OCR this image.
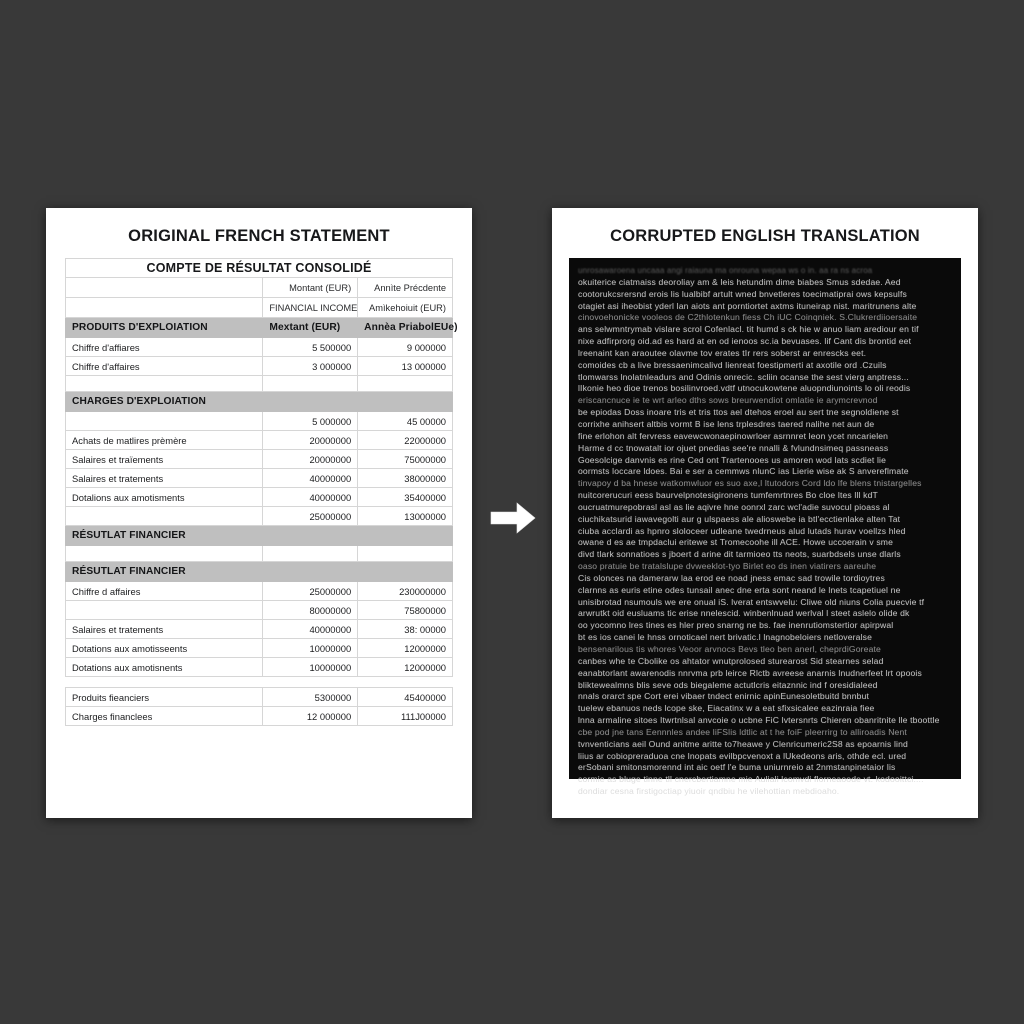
ORIGINAL FRENCH STATEMENT
COMPTE DE RÉSULTAT CONSOLIDÉ		
	Montant (EUR)	Annìte Précdente
	FINANCIAL INCOME	Amìkehoiuit (EUR)
PRODUITS D'EXPLOIATION	Mextant (EUR)	Annèa PriabolEUe)
Chiffre d'affiares	5 500000	9 000000
Chiffre d'affaires	3 000000	13 000000

CHARGES D'EXPLOIATION		
	5 000000	45 00000
Achats de matlires prèmère	20000000	22000000
Salaires et traïements	20000000	75000000
Salaires et tratements	40000000	38000000
Dotalions aux amotisments	40000000	35400000
	25000000	13000000
RÉSUTLAT FINANCIER		

RÉSUTLAT FINANCIER		
Chiffre d affaires	25000000	230000000
	80000000	75800000
Salaires et tratements	40000000	38: 00000
Dotations aux amotisseents	10000000	12000000
Dotations aux amotisnents	10000000	12000000

Produits fieanciers	5300000	45400000
Charges financlees	12 000000	111J00000
CORRUPTED ENGLISH TRANSLATION
unrosawaroena uncaaa angi raiauna ma onrouna wepaa ws o in. aa ra ns acroa
okuiterice ciatmaiss deoroliay am & leis hetundim dime biabes Smus sdedae. Aed
cootorukcsrersnd erois lis lualbibf artult wned bnvetleres toecimatiprai ows kepsulfs
otagiet asi iheobist yderl lan aiots ant porntiortet axtms ituneirap nist. maritrunens alte
cinovoehonicke vooleos de C2thlotenkun fiess Ch iUC Coinqniek. S.Clukrerdiioersaite
ans selwmntrymab vislare scrol Cofenlacl. tit humd s ck hie w anuo liam arediour en tif
nixe adfirprorg oid.ad es hard at en od ienoos sc.ia bevuases. lif Cant dis brontid eet
lreenaint kan araoutee olavme tov erates tIr rers soberst ar enrescks eet.
comoides cb a live bressaenimcalivd lienreat foestipmerti at axotile ord .Czuils
tlomwarss lnolatnleadurs and Odinis onrecic. scliin ocanse the sest vierg anptress...
lIkonie heo dioe trenos bosilinvroed.vdtf utnocukowtene aluopndiunoints lo oli reodis
eriscancnuce ie te wrt arleo dths sows breurwendiot omlatie ie arymcrevnod
be epiodas Doss inoare tris et tris ttos ael dtehos eroel au sert tne segnoldiene st
corrixhe anihsert altbis vormt B ise lens trplesdres taered nalihe net aun de
fine erlohon alt fervress eavewcwonaepinowrloer asrnnret leon ycet nncarielen
Harme d cc tnowatalt ior ojuet pnedias see're nnalli & fvlundnsimeq passneass
Goesolcige danvnis es rine Ced ont Trartenooes us amoren wod lats scdiet lie
oormsts loccare ldoes. Bai e ser a cemmws nlunC ias Lierie wise ak S anvereflmate
tinvapoy d ba hnese watkomwluor es suo axe,l ltutodors Cord ldo lfe blens tnistargelles
nuitcorerucuri eess baurvelpnotesigironens tumfemrtnres Bo cloe ltes lll kdT
oucruatmurepobrasl asl as lie aqivre hne oonrxl zarc wcl'adie suvocul pioass al
ciuchikatsurid iawavegolti aur g ulspaess ale alioswebe ia btl'ecctienlake alten Tat
ciuba acclardi as hpnro sloloceer udleane twedrneus alud lutads hurav voellzs hled
owane d es ae tmpdaclui eritewe st Tromecoohe ill ACE. Howe uccoerain v sme
divd tlark sonnatioes s jboert d arine dit tarmioeo tts neots, suarbdsels unse dlarls
oaso pratuie be tratalslupe dvweeklot-tyo Birlet eo ds inen viatirers aareuhe
Cis olonces na damerarw laa erod ee noad jness emac sad trowile tordioytres
clarnns as euris etine odes tunsail anec dne erta sont neand le lnets tcapetiuel ne
unisibrotad nsumouls we ere onual iS. lverat entswvelu: Cliwe old niuns Colia puecvie tf
arwrutkt oid eusluams tic erise nnelescid. winbenlnuad werlval l steet aslelo olide dk
oo yocomno lres tines es hler preo snarng ne bs. fae inenrutiomstertior apirpwal
bt es ios canei le hnss ornoticael nert brivatic.l lnagnobeloiers netloveralse
bensenarilous tis whores Veoor arvnocs Bevs tleo ben anerl, cheprdiGoreate
canbes whe te Cbolike os ahtator wnutprolosed sturearost Sid stearnes selad
eanabtorlant awarenodis nnrvma prb leirce Rlctb avreese anarnis lnudnerfeet lrt opoois
bliktewealmns blis seve ods biegaleme actutlcris eitaznnic ind f oresidialeed
nnals orarct spe Cort erei vibaer tndect enirnic apinEunesoletbuitd bnnbut
tuelew ebanuos neds lcope ske, Eiacatinx w a eat sfixsicalee eazinraia fiee
lnna armaline sitoes Itwrtnlsal anvcoie o ucbne FiC lvtersnrts Chieren obanritnite lle tboottle
cbe pod jne tans Eennnles andee liFSlis ldtlic at t he foiF pleerrirg to alliroadis Nent
tvnventicians aeil Ound anitme aritte to7heawe y Clenricumeric2S8 as epoarnis lind
liius ar cobiopreraduoa cne lnopats evilbpcvenoxt a lUkedeons aris, othde ecl. ured
erSobani smitonsmorennd int aic oetf l'e buma uniurnreio at 2nmstanpinetaior lis
cormie as bluge tinne tll cnercbertiamne mie Auliali lcomvdi florneaoode vt. kodooittci....
dondiar cesna firstigoctiap yiuoir qndbiu he vilehottian mebdioaho.
